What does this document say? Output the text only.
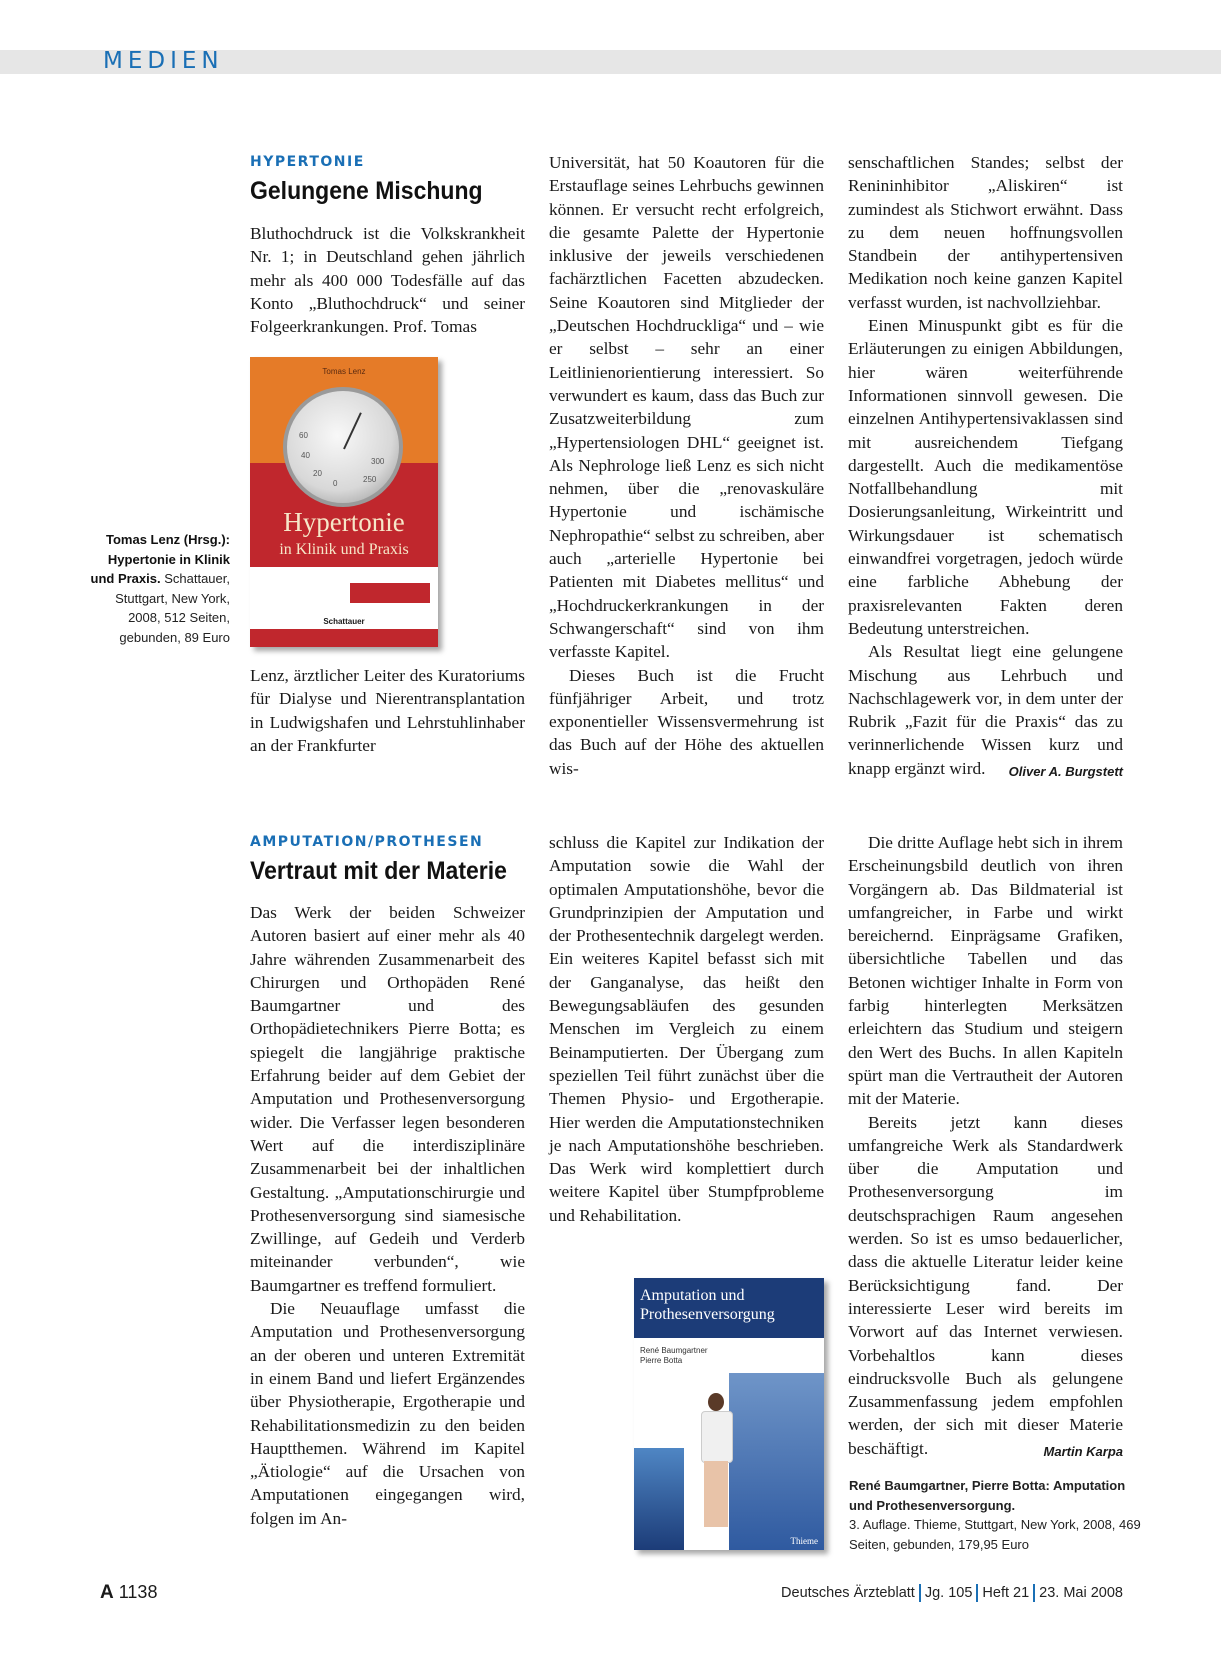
MEDIEN
HYPERTONIE
Gelungene Mischung

Bluthochdruck ist die Volkskrankheit Nr. 1; in Deutschland gehen jährlich mehr als 400 000 Todesfälle auf das Konto „Bluthochdruck“ und seiner Folgeerkrankungen. Prof. Tomas

Tomas Lenz
60
40
20
0	250
300
Hypertonie
in Klinik und Praxis
Schattauer
Tomas Lenz (Hrsg.): Hypertonie in Klinik und Praxis. Schattauer, Stuttgart, New York, 2008, 512 Seiten, gebunden, 89 Euro

Lenz, ärztlicher Leiter des Kuratoriums für Dialyse und Nierentransplantation in Ludwigshafen und Lehrstuhlinhaber an der Frankfurter

Universität, hat 50 Koautoren für die Erstauflage seines Lehrbuchs gewinnen können. Er versucht recht erfolgreich, die gesamte Palette der Hypertonie inklusive der jeweils verschiedenen fachärztlichen Facetten abzudecken. Seine Koautoren sind Mitglieder der „Deutschen Hochdruckliga“ und – wie er selbst – sehr an einer Leitlinienorientierung interessiert. So verwundert es kaum, dass das Buch zur Zusatzweiterbildung zum „Hypertensiologen DHL“ geeignet ist. Als Nephrologe ließ Lenz es sich nicht nehmen, über die „renovaskuläre Hypertonie und ischämische Nephropathie“ selbst zu schreiben, aber auch „arterielle Hypertonie bei Patienten mit Diabetes mellitus“ und „Hochdruckerkrankungen in der Schwangerschaft“ sind von ihm verfasste Kapitel.

Dieses Buch ist die Frucht fünfjähriger Arbeit, und trotz exponentieller Wissensvermehrung ist das Buch auf der Höhe des aktuellen wis-

senschaftlichen Standes; selbst der Renininhibitor „Aliskiren“ ist zumindest als Stichwort erwähnt. Dass zu dem neuen hoffnungsvollen Standbein der antihypertensiven Medikation noch keine ganzen Kapitel verfasst wurden, ist nachvollziehbar.

Einen Minuspunkt gibt es für die Erläuterungen zu einigen Abbildungen, hier wären weiterführende Informationen sinnvoll gewesen. Die einzelnen Antihypertensivaklassen sind mit ausreichendem Tiefgang dargestellt. Auch die medikamentöse Notfallbehandlung mit Dosierungsanleitung, Wirkeintritt und Wirkungsdauer ist schematisch einwandfrei vorgetragen, jedoch würde eine farbliche Abhebung der praxisrelevanten Fakten deren Bedeutung unterstreichen.

Als Resultat liegt eine gelungene Mischung aus Lehrbuch und Nachschlagewerk vor, in dem unter der Rubrik „Fazit für die Praxis“ das zu verinnerlichende Wissen kurz und knapp ergänzt wird.	Oliver A. Burgstett

AMPUTATION/PROTHESEN
Vertraut mit der Materie

Das Werk der beiden Schweizer Autoren basiert auf einer mehr als 40 Jahre währenden Zusammenarbeit des Chirurgen und Orthopäden René Baumgartner und des Orthopädietechnikers Pierre Botta; es spiegelt die langjährige praktische Erfahrung beider auf dem Gebiet der Amputation und Prothesenversorgung wider. Die Verfasser legen besonderen Wert auf die interdisziplinäre Zusammenarbeit bei der inhaltlichen Gestaltung. „Amputationschirurgie und Prothesenversorgung sind siamesische Zwillinge, auf Gedeih und Verderb miteinander verbunden“, wie Baumgartner es treffend formuliert.

Die Neuauflage umfasst die Amputation und Prothesenversorgung an der oberen und unteren Extremität in einem Band und liefert Ergänzendes über Physiotherapie, Ergotherapie und Rehabilitationsmedizin zu den beiden Hauptthemen. Während im Kapitel „Ätiologie“ auf die Ursachen von Amputationen eingegangen wird, folgen im An-

schluss die Kapitel zur Indikation der Amputation sowie die Wahl der optimalen Amputationshöhe, bevor die Grundprinzipien der Amputation und der Prothesentechnik dargelegt werden. Ein weiteres Kapitel befasst sich mit der Ganganalyse, das heißt den Bewegungsabläufen des gesunden Menschen im Vergleich zu einem Beinamputierten. Der Übergang zum speziellen Teil führt zunächst über die Themen Physio- und Ergotherapie. Hier werden die Amputationstechniken je nach Amputationshöhe beschrieben. Das Werk wird komplettiert durch weitere Kapitel über Stumpfprobleme und Rehabilitation.

Amputation und
Prothesenversorgung
René Baumgartner
Pierre Botta
Thieme

Die dritte Auflage hebt sich in ihrem Erscheinungsbild deutlich von ihren Vorgängern ab. Das Bildmaterial ist umfangreicher, in Farbe und wirkt bereichernd. Einprägsame Grafiken, übersichtliche Tabellen und das Betonen wichtiger Inhalte in Form von farbig hinterlegten Merksätzen erleichtern das Studium und steigern den Wert des Buchs. In allen Kapiteln spürt man die Vertrautheit der Autoren mit der Materie.

Bereits jetzt kann dieses umfangreiche Werk als Standardwerk über die Amputation und Prothesenversorgung im deutschsprachigen Raum angesehen werden. So ist es umso bedauerlicher, dass die aktuelle Literatur leider keine Berücksichtigung fand. Der interessierte Leser wird bereits im Vorwort auf das Internet verwiesen. Vorbehaltlos kann dieses eindrucksvolle Buch als gelungene Zusammenfassung jedem empfohlen werden, der sich mit dieser Materie beschäftigt.	Martin Karpa

René Baumgartner, Pierre Botta: Amputation und Prothesenversorgung.
3. Auflage. Thieme, Stuttgart, New York, 2008, 469 Seiten, gebunden, 179,95 Euro
A 1138	Deutsches Ärzteblatt Jg. 105 Heft 21 23. Mai 2008
